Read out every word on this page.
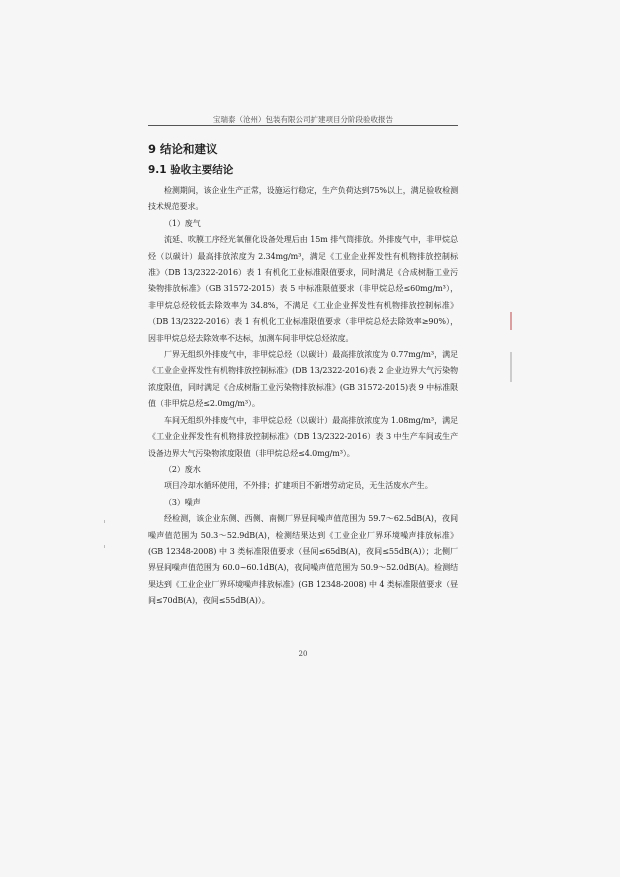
宝瑞泰（沧州）包装有限公司扩建项目分阶段验收报告
9 结论和建议
9.1 验收主要结论

检测期间，该企业生产正常，设施运行稳定，生产负荷达到75%以上，满足验收检测技术规范要求。

（1）废气

流延、吹膜工序经光氧催化设备处理后由 15m 排气筒排放。外排废气中，非甲烷总烃（以碳计）最高排放浓度为 2.34mg/m³，满足《工业企业挥发性有机物排放控制标准》（DB 13/2322-2016）表 1 有机化工业标准限值要求，同时满足《合成树脂工业污染物排放标准》（GB 31572-2015）表 5 中标准限值要求（非甲烷总烃≤60mg/m³），非甲烷总烃较低去除效率为 34.8%，不满足《工业企业挥发性有机物排放控制标准》（DB 13/2322-2016）表 1 有机化工业标准限值要求（非甲烷总烃去除效率≥90%），因非甲烷总烃去除效率不达标，加测车间非甲烷总烃浓度。

厂界无组织外排废气中，非甲烷总烃（以碳计）最高排放浓度为 0.77mg/m³，满足《工业企业挥发性有机物排放控制标准》(DB 13/2322-2016)表 2 企业边界大气污染物浓度限值，同时满足《合成树脂工业污染物排放标准》(GB 31572-2015)表 9 中标准限值（非甲烷总烃≤2.0mg/m³）。

车间无组织外排废气中，非甲烷总烃（以碳计）最高排放浓度为 1.08mg/m³，满足《工业企业挥发性有机物排放控制标准》（DB 13/2322-2016）表 3 中生产车间或生产设备边界大气污染物浓度限值（非甲烷总烃≤4.0mg/m³）。

（2）废水

项目冷却水循环使用，不外排；扩建项目不新增劳动定员，无生活废水产生。

（3）噪声

经检测，该企业东侧、西侧、南侧厂界昼间噪声值范围为 59.7～62.5dB(A)，夜间噪声值范围为 50.3～52.9dB(A)，检测结果达到《工业企业厂界环境噪声排放标准》(GB 12348-2008) 中 3 类标准限值要求（昼间≤65dB(A)，夜间≤55dB(A)）；北侧厂界昼间噪声值范围为 60.0~60.1dB(A)，夜间噪声值范围为 50.9～52.0dB(A)。检测结果达到《工业企业厂界环境噪声排放标准》(GB 12348-2008) 中 4 类标准限值要求（昼间≤70dB(A)，夜间≤55dB(A)）。

20
